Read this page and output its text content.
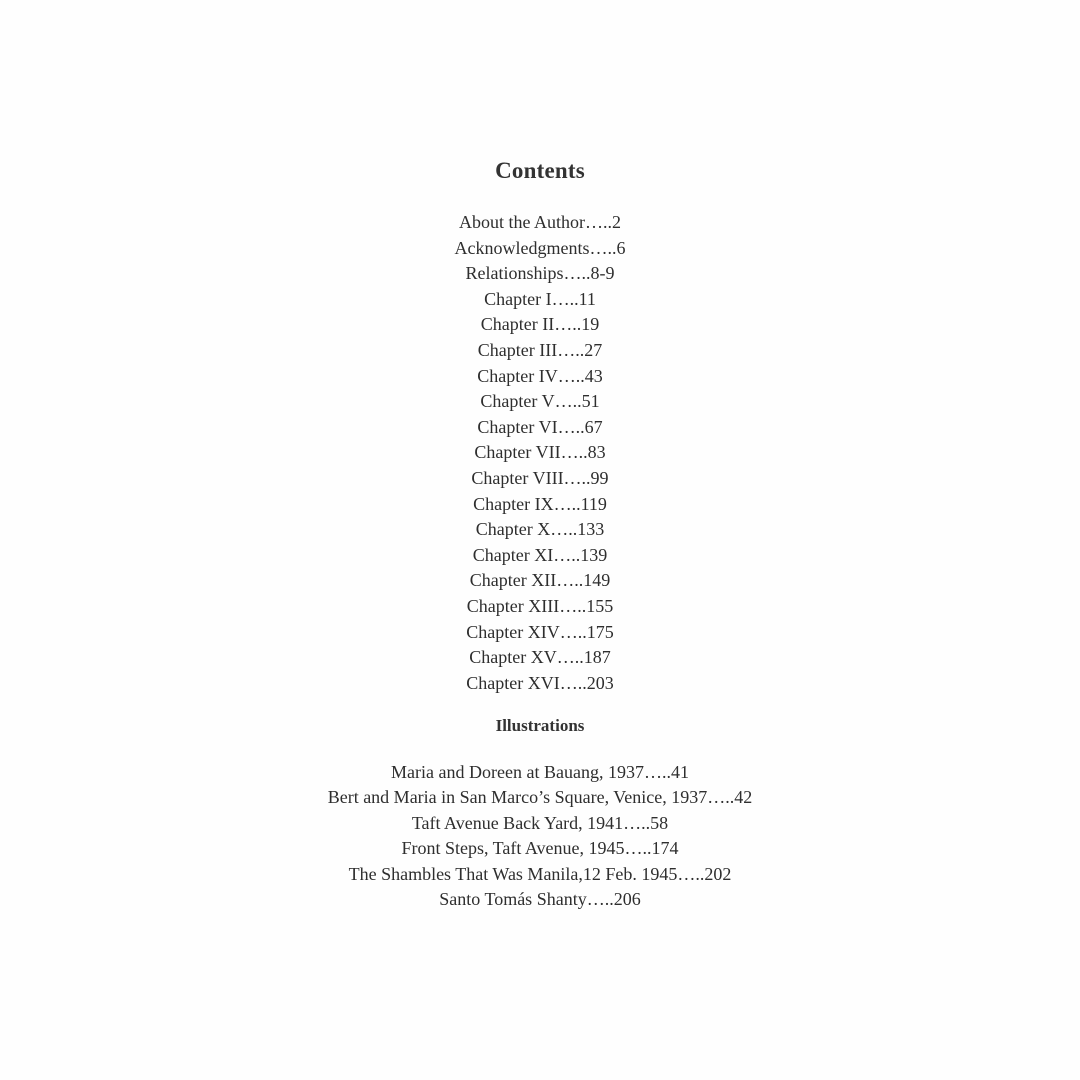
Contents
About the Author…..2
Acknowledgments…..6
Relationships…..8-9
Chapter I…..11
Chapter II…..19
Chapter III…..27
Chapter IV…..43
Chapter V…..51
Chapter VI…..67
Chapter VII…..83
Chapter VIII…..99
Chapter IX…..119
Chapter X…..133
Chapter XI…..139
Chapter XII…..149
Chapter XIII…..155
Chapter XIV…..175
Chapter XV…..187
Chapter XVI…..203
Illustrations
Maria and Doreen at Bauang, 1937…..41
Bert and Maria in San Marco’s Square, Venice, 1937…..42
Taft Avenue Back Yard, 1941…..58
Front Steps, Taft Avenue, 1945…..174
The Shambles That Was Manila,12 Feb. 1945…..202
Santo Tomás Shanty…..206
